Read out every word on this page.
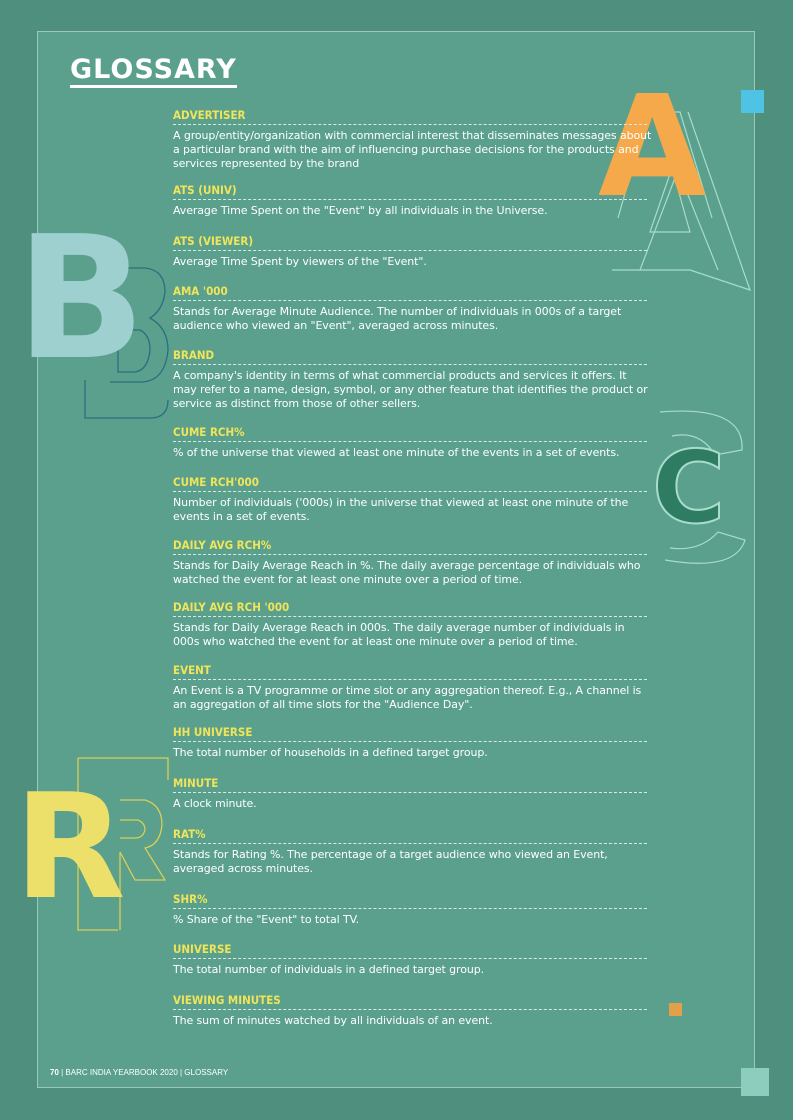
A
B
C
R
GLOSSARY
ADVERTISER
A group/entity/organization with commercial interest that disseminates messages about a particular brand with the aim of influencing purchase decisions for the products and services represented by the brand
ATS (UNIV)
Average Time Spent on the "Event" by all individuals in the Universe.
ATS (VIEWER)
Average Time Spent by viewers of the "Event".
AMA '000
Stands for Average Minute Audience. The number of individuals in 000s of a target audience who viewed an "Event", averaged across minutes.
BRAND
A company's identity in terms of what commercial products and services it offers. It may refer to a name, design, symbol, or any other feature that identifies the product or service as distinct from those of other sellers.
CUME RCH%
% of the universe that viewed at least one minute of the events in a set of events.
CUME RCH'000
Number of individuals ('000s) in the universe that viewed at least one minute of the events in a set of events.
DAILY AVG RCH%
Stands for Daily Average Reach in %. The daily average percentage of individuals who watched the event for at least one minute over a period of time.
DAILY AVG RCH '000
Stands for Daily Average Reach in 000s. The daily average number of individuals in 000s who watched the event for at least one minute over a period of time.
EVENT
An Event is a TV programme or time slot or any aggregation thereof. E.g., A channel is an aggregation of all time slots for the "Audience Day".
HH UNIVERSE
The total number of households in a defined target group.
MINUTE
A clock minute.
RAT%
Stands for Rating %. The percentage of a target audience who viewed an Event, averaged across minutes.
SHR%
% Share of the "Event" to total TV.
UNIVERSE
The total number of individuals in a defined target group.
VIEWING MINUTES
The sum of minutes watched by all individuals of an event.
70 | BARC INDIA YEARBOOK 2020 | GLOSSARY
